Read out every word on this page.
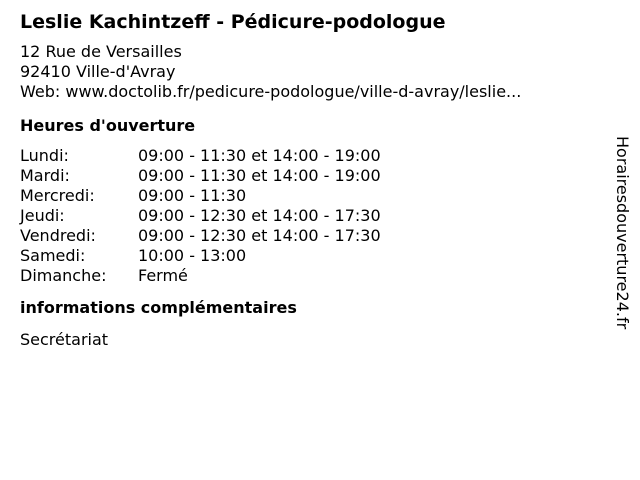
Leslie Kachintzeff - Pédicure-podologue
12 Rue de Versailles
92410 Ville-d'Avray
Web: www.doctolib.fr/pedicure-podologue/ville-d-avray/leslie...
Heures d'ouverture
Lundi:	09:00 - 11:30 et 14:00 - 19:00
Mardi:	09:00 - 11:30 et 14:00 - 19:00
Mercredi:	09:00 - 11:30
Jeudi:	09:00 - 12:30 et 14:00 - 17:30
Vendredi:	09:00 - 12:30 et 14:00 - 17:30
Samedi:	10:00 - 13:00
Dimanche:	Fermé
informations complémentaires
Secrétariat
Horairesdouverture24.fr
